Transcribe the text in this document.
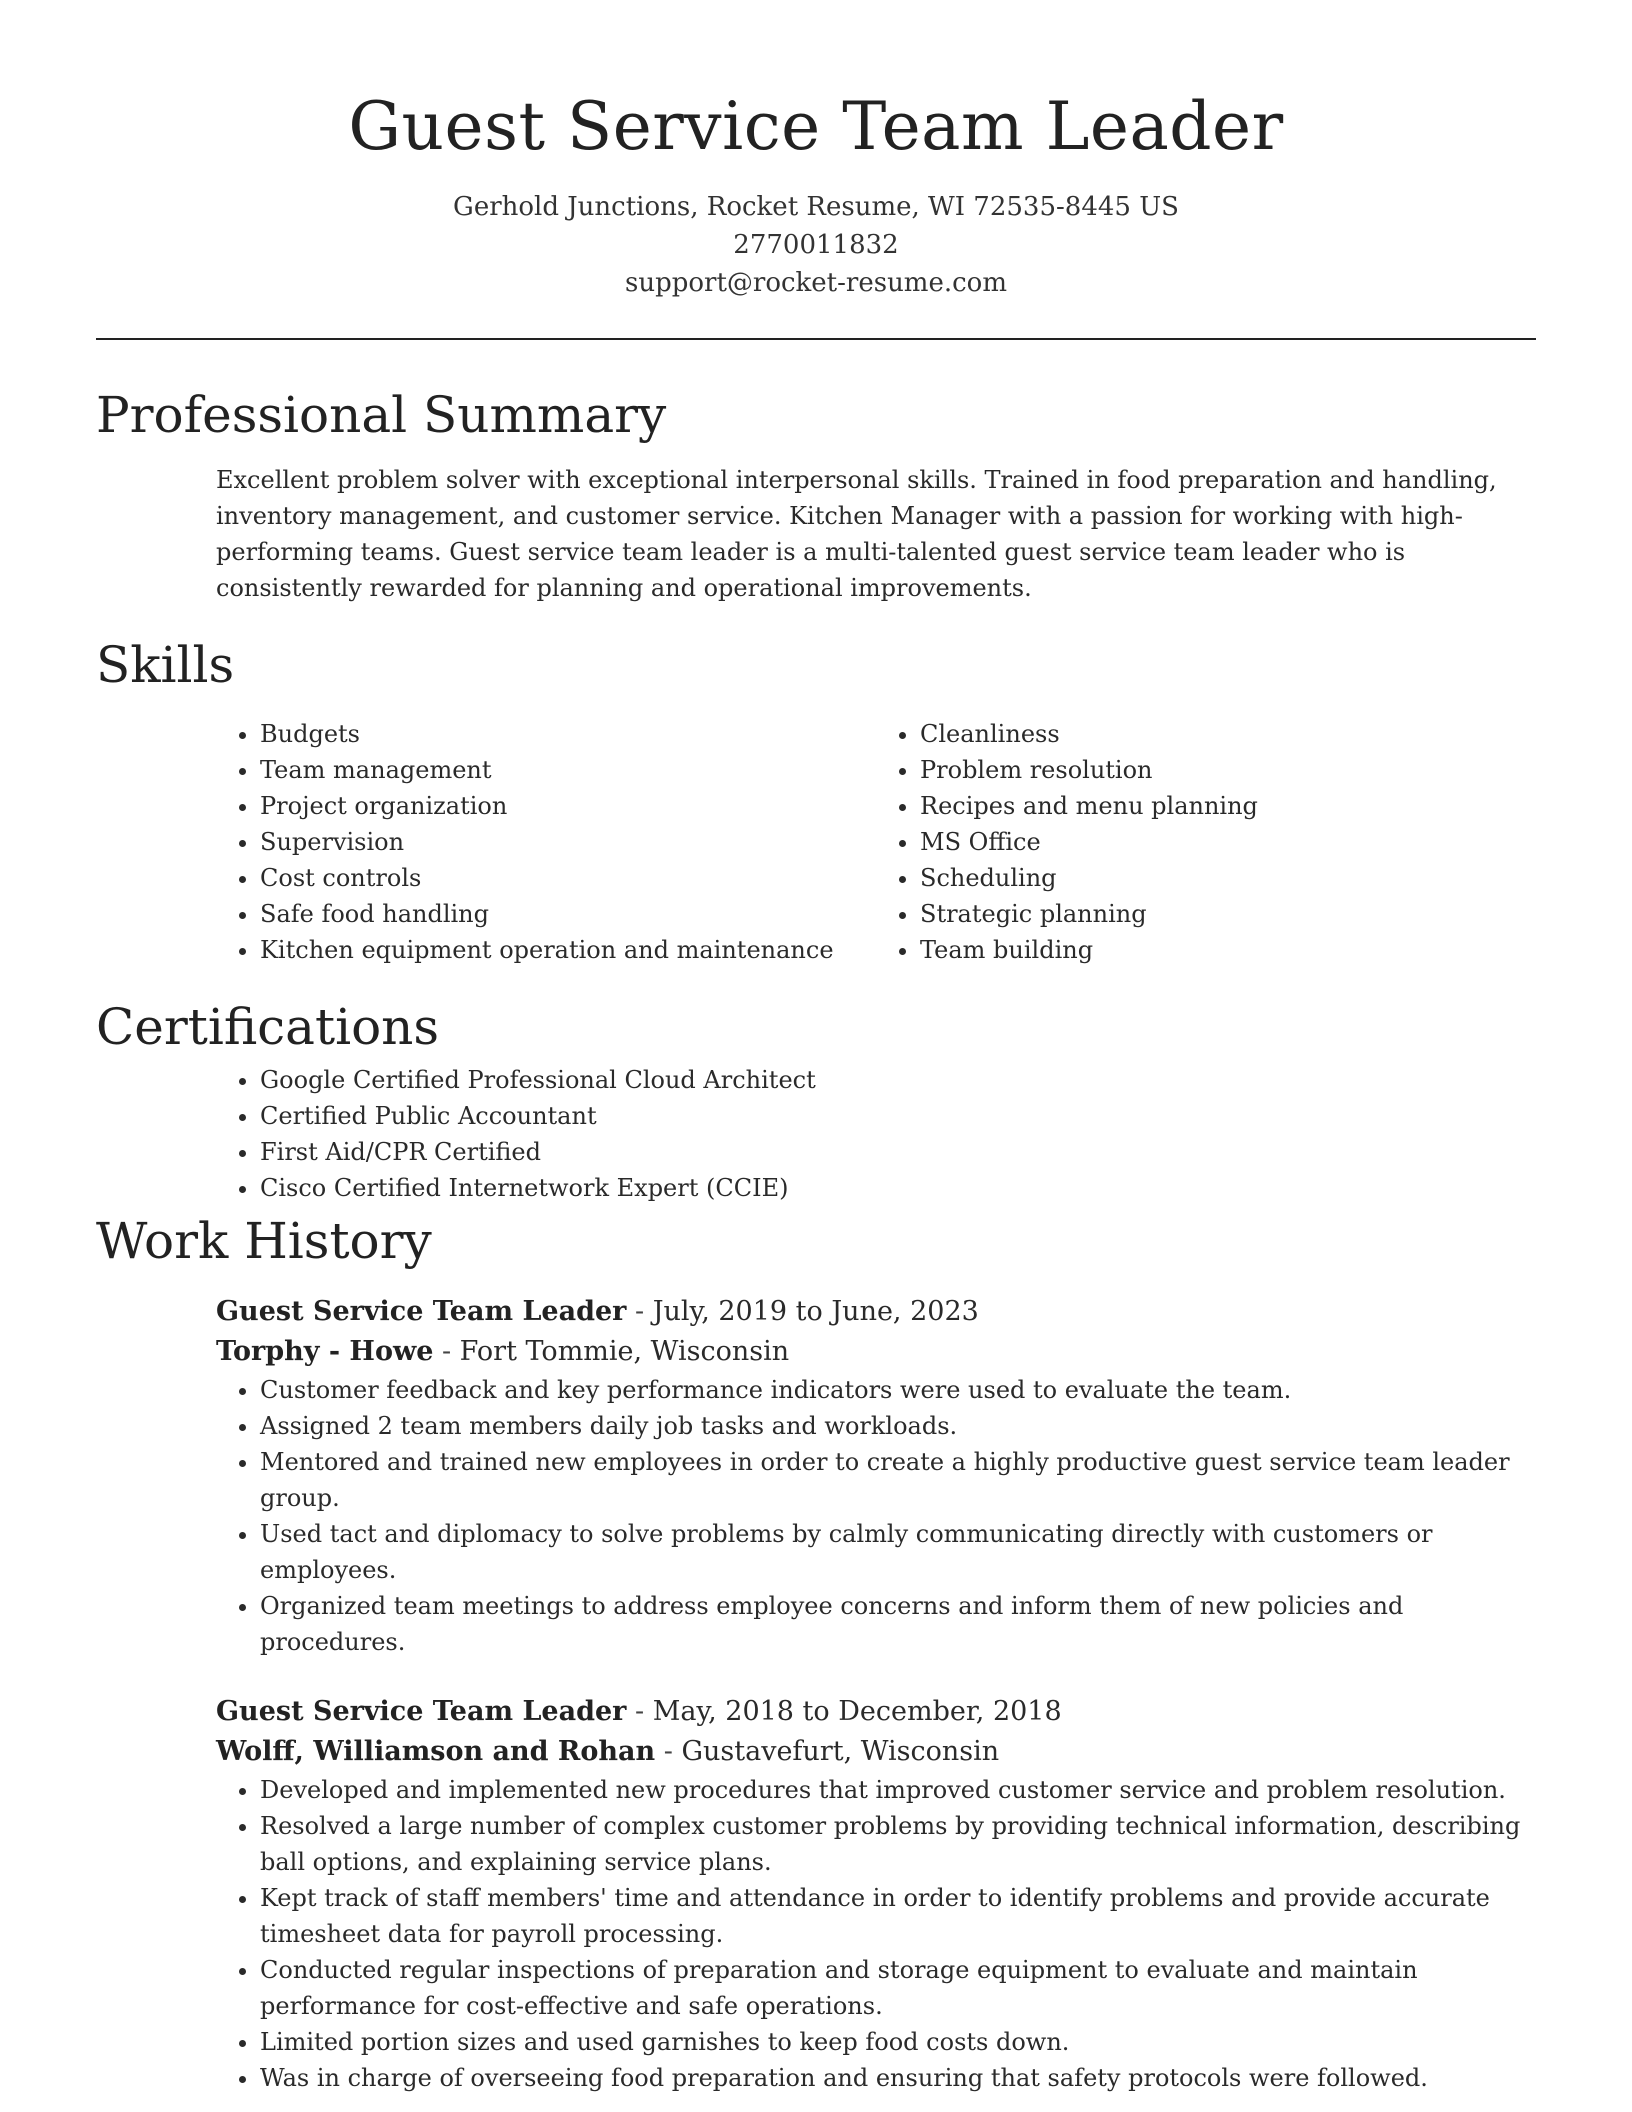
Guest Service Team Leader
Gerhold Junctions, Rocket Resume, WI 72535-8445 US
2770011832
support@rocket-resume.com
Professional Summary

Excellent problem solver with exceptional interpersonal skills. Trained in food preparation and handling, inventory management, and customer service. Kitchen Manager with a passion for working with high-performing teams. Guest service team leader is a multi-talented guest service team leader who is consistently rewarded for planning and operational improvements.

Skills
• Budgets
• Team management
• Project organization
• Supervision
• Cost controls
• Safe food handling
• Kitchen equipment operation and maintenance
• Cleanliness
• Problem resolution
• Recipes and menu planning
• MS Office
• Scheduling
• Strategic planning
• Team building
Certifications
• Google Certified Professional Cloud Architect
• Certified Public Accountant
• First Aid/CPR Certified
• Cisco Certified Internetwork Expert (CCIE)
Work History
Guest Service Team Leader - July, 2019 to June, 2023
Torphy - Howe - Fort Tommie, Wisconsin
• Customer feedback and key performance indicators were used to evaluate the team.
• Assigned 2 team members daily job tasks and workloads.
• Mentored and trained new employees in order to create a highly productive guest service team leader group.
• Used tact and diplomacy to solve problems by calmly communicating directly with customers or employees.
• Organized team meetings to address employee concerns and inform them of new policies and procedures.
Guest Service Team Leader - May, 2018 to December, 2018
Wolff, Williamson and Rohan - Gustavefurt, Wisconsin
• Developed and implemented new procedures that improved customer service and problem resolution.
• Resolved a large number of complex customer problems by providing technical information, describing ball options, and explaining service plans.
• Kept track of staff members' time and attendance in order to identify problems and provide accurate timesheet data for payroll processing.
• Conducted regular inspections of preparation and storage equipment to evaluate and maintain performance for cost-effective and safe operations.
• Limited portion sizes and used garnishes to keep food costs down.
• Was in charge of overseeing food preparation and ensuring that safety protocols were followed.
